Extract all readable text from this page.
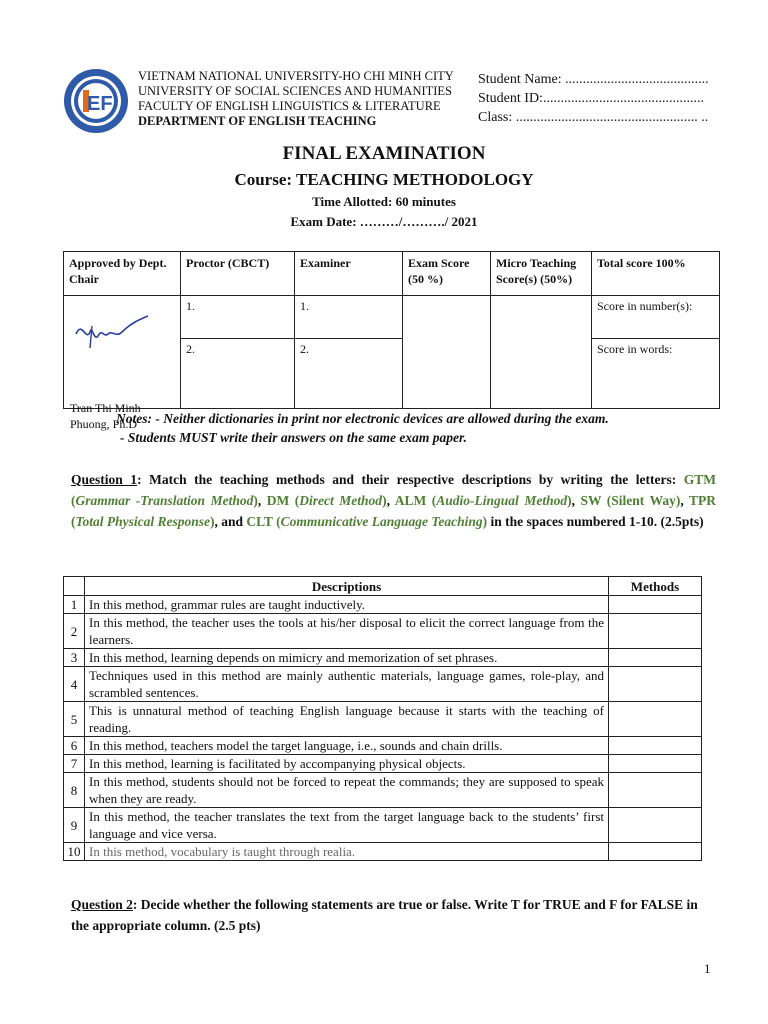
EF
VIETNAM NATIONAL UNIVERSITY-HO CHI MINH CITY
UNIVERSITY OF SOCIAL SCIENCES AND HUMANITIES
FACULTY OF ENGLISH LINGUISTICS & LITERATURE
DEPARTMENT OF ENGLISH TEACHING
Student Name: .........................................
Student ID:..............................................
Class: .................................................... ..
FINAL EXAMINATION
Course: TEACHING METHODOLOGY
Time Allotted: 60 minutes
Exam Date: ………/………./ 2021
Approved by Dept. Chair	Proctor (CBCT)	Examiner	Exam Score (50 %)	Micro Teaching Score(s) (50%)	Total score 100%

Tran Thi Minh
Phuong, Ph.D	1.	1.			Score in number(s):
	2.	2.			Score in words:
Notes: - Neither dictionaries in print nor electronic devices are allowed during the exam.
- Students MUST write their answers on the same exam paper.
Question 1: Match the teaching methods and their respective descriptions by writing the letters: GTM (Grammar -Translation Method), DM (Direct Method), ALM (Audio-Lingual Method), SW (Silent Way), TPR (Total Physical Response), and CLT (Communicative Language Teaching) in the spaces numbered 1-10. (2.5pts)
	Descriptions	Methods
1	In this method, grammar rules are taught inductively.	
2	In this method, the teacher uses the tools at his/her disposal to elicit the correct language from the learners.	
3	In this method, learning depends on mimicry and memorization of set phrases.	
4	Techniques used in this method are mainly authentic materials, language games, role-play, and scrambled sentences.	
5	This is unnatural method of teaching English language because it starts with the teaching of reading.	
6	In this method, teachers model the target language, i.e., sounds and chain drills.	
7	In this method, learning is facilitated by accompanying physical objects.	
8	In this method, students should not be forced to repeat the commands; they are supposed to speak when they are ready.	
9	In this method, the teacher translates the text from the target language back to the students’ first language and vice versa.	
10	In this method, vocabulary is taught through realia.	
Question 2: Decide whether the following statements are true or false. Write T for TRUE and F for FALSE in the appropriate column. (2.5 pts)
1
